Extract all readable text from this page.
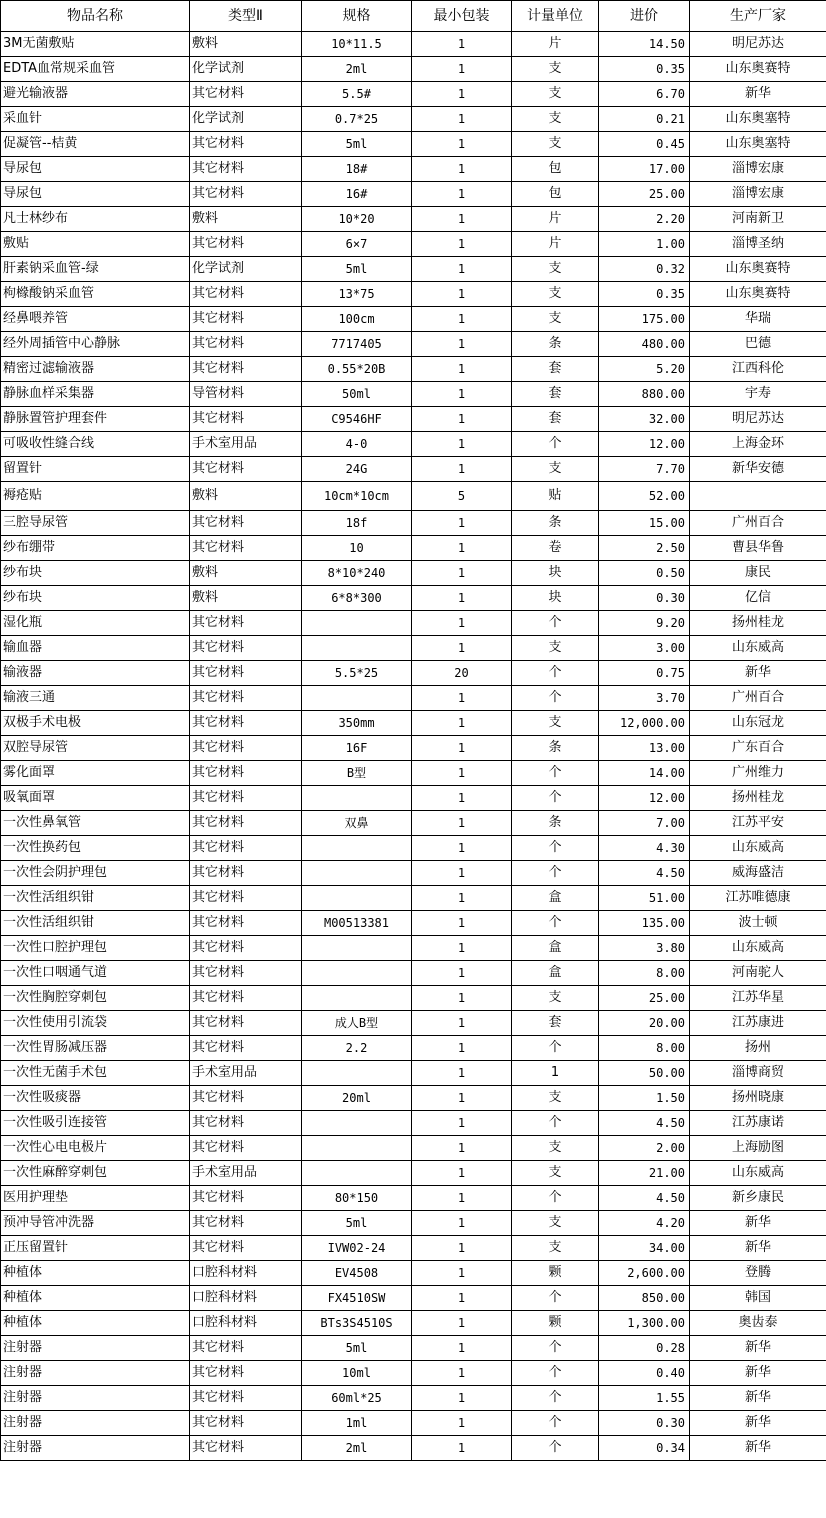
物品名称	类型Ⅱ	规格	最小包装	计量单位	进价	生产厂家
3M无菌敷贴	敷料	10*11.5	1	片	14.50	明尼苏达
EDTA血常规采血管	化学试剂	2ml	1	支	0.35	山东奥赛特
避光输液器	其它材料	5.5#	1	支	6.70	新华
采血针	化学试剂	0.7*25	1	支	0.21	山东奥塞特
促凝管--桔黄	其它材料	5ml	1	支	0.45	山东奥塞特
导尿包	其它材料	18#	1	包	17.00	淄博宏康
导尿包	其它材料	16#	1	包	25.00	淄博宏康
凡士林纱布	敷料	10*20	1	片	2.20	河南新卫
敷贴	其它材料	6×7	1	片	1.00	淄博圣纳
肝素钠采血管-绿	化学试剂	5ml	1	支	0.32	山东奥赛特
枸橼酸钠采血管	其它材料	13*75	1	支	0.35	山东奥赛特
经鼻喂养管	其它材料	100cm	1	支	175.00	华瑞
经外周插管中心静脉	其它材料	7717405	1	条	480.00	巴德
精密过滤输液器	其它材料	0.55*20B	1	套	5.20	江西科伦
静脉血样采集器	导管材料	50ml	1	套	880.00	宇寿
静脉置管护理套件	其它材料	C9546HF	1	套	32.00	明尼苏达
可吸收性缝合线	手术室用品	4-0	1	个	12.00	上海金环
留置针	其它材料	24G	1	支	7.70	新华安德
褥疮贴	敷料	10cm*10cm	5	贴	52.00	
三腔导尿管	其它材料	18f	1	条	15.00	广州百合
纱布绷带	其它材料	10	1	卷	2.50	曹县华鲁
纱布块	敷料	8*10*240	1	块	0.50	康民
纱布块	敷料	6*8*300	1	块	0.30	亿信
湿化瓶	其它材料		1	个	9.20	扬州桂龙
输血器	其它材料		1	支	3.00	山东威高
输液器	其它材料	5.5*25	20	个	0.75	新华
输液三通	其它材料		1	个	3.70	广州百合
双极手术电极	其它材料	350mm	1	支	12,000.00	山东冠龙
双腔导尿管	其它材料	16F	1	条	13.00	广东百合
雾化面罩	其它材料	B型	1	个	14.00	广州维力
吸氧面罩	其它材料		1	个	12.00	扬州桂龙
一次性鼻氧管	其它材料	双鼻	1	条	7.00	江苏平安
一次性换药包	其它材料		1	个	4.30	山东威高
一次性会阴护理包	其它材料		1	个	4.50	威海盛洁
一次性活组织钳	其它材料		1	盒	51.00	江苏唯德康
一次性活组织钳	其它材料	M00513381	1	个	135.00	波士顿
一次性口腔护理包	其它材料		1	盒	3.80	山东威高
一次性口咽通气道	其它材料		1	盒	8.00	河南驼人
一次性胸腔穿刺包	其它材料		1	支	25.00	江苏华星
一次性使用引流袋	其它材料	成人B型	1	套	20.00	江苏康进
一次性胃肠减压器	其它材料	2.2	1	个	8.00	扬州
一次性无菌手术包	手术室用品		1	1	50.00	淄博商贸
一次性吸痰器	其它材料	20ml	1	支	1.50	扬州晓康
一次性吸引连接管	其它材料		1	个	4.50	江苏康诺
一次性心电电极片	其它材料		1	支	2.00	上海励图
一次性麻醉穿刺包	手术室用品		1	支	21.00	山东威高
医用护理垫	其它材料	80*150	1	个	4.50	新乡康民
预冲导管冲洗器	其它材料	5ml	1	支	4.20	新华
正压留置针	其它材料	IVW02-24	1	支	34.00	新华
种植体	口腔科材料	EV4508	1	颗	2,600.00	登腾
种植体	口腔科材料	FX4510SW	1	个	850.00	韩国
种植体	口腔科材料	BTs3S4510S	1	颗	1,300.00	奥齿泰
注射器	其它材料	5ml	1	个	0.28	新华
注射器	其它材料	10ml	1	个	0.40	新华
注射器	其它材料	60ml*25	1	个	1.55	新华
注射器	其它材料	1ml	1	个	0.30	新华
注射器	其它材料	2ml	1	个	0.34	新华
